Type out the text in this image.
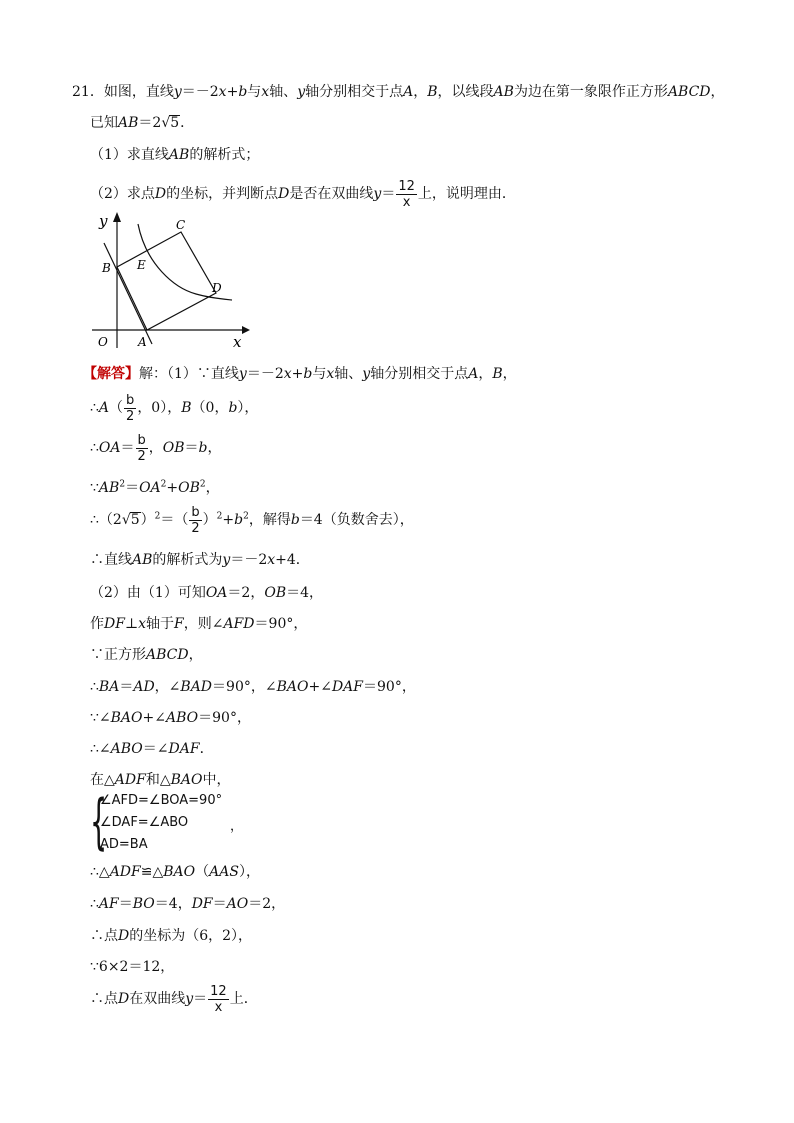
21．如图，直线y＝－2x+b与x轴、y轴分别相交于点A，B，以线段AB为边在第一象限作正方形ABCD，
已知AB＝2√5．
（1）求直线AB的解析式；
（2）求点D的坐标，并判断点D是否在双曲线$y= \frac{12}{x}$ 上，说明理由．
y
x
O	A
B
C
D
E
【解答】解：（1）∵直线y＝－2x+b与x轴、y轴分别相交于点A，B，
∴A（ $\frac{b}{2}$ ，0），B（0，b），
∴OA＝ $\frac{b}{2}$ ，OB＝b，
$\because AB^2=OA^2+OB^2$，
$\therefore(2√5)^2=( \frac{b}{2} )^2+b^2$，解得b＝4（负数舍去），
∴直线AB的解析式为y＝－2x+4．
（2）由（1）可知OA＝2，OB＝4，
作DF⊥x轴于F，则∠AFD＝90°，
∵正方形ABCD，
∴BA＝AD，∠BAD＝90°，∠BAO+∠DAF＝90°，
∵∠BAO+∠ABO＝90°，
∴∠ABO＝∠DAF．
在△ADF和△BAO中，
{
∠AFD=∠BOA=90°
∠DAF=∠ABO	，
AD=BA
∴△ADF≌△BAO（AAS），
∴AF＝BO＝4，DF＝AO＝2，
∴点D的坐标为（6，2），
∵6×2＝12，
∴点D在双曲线$y= \frac{12}{x}$ 上．
